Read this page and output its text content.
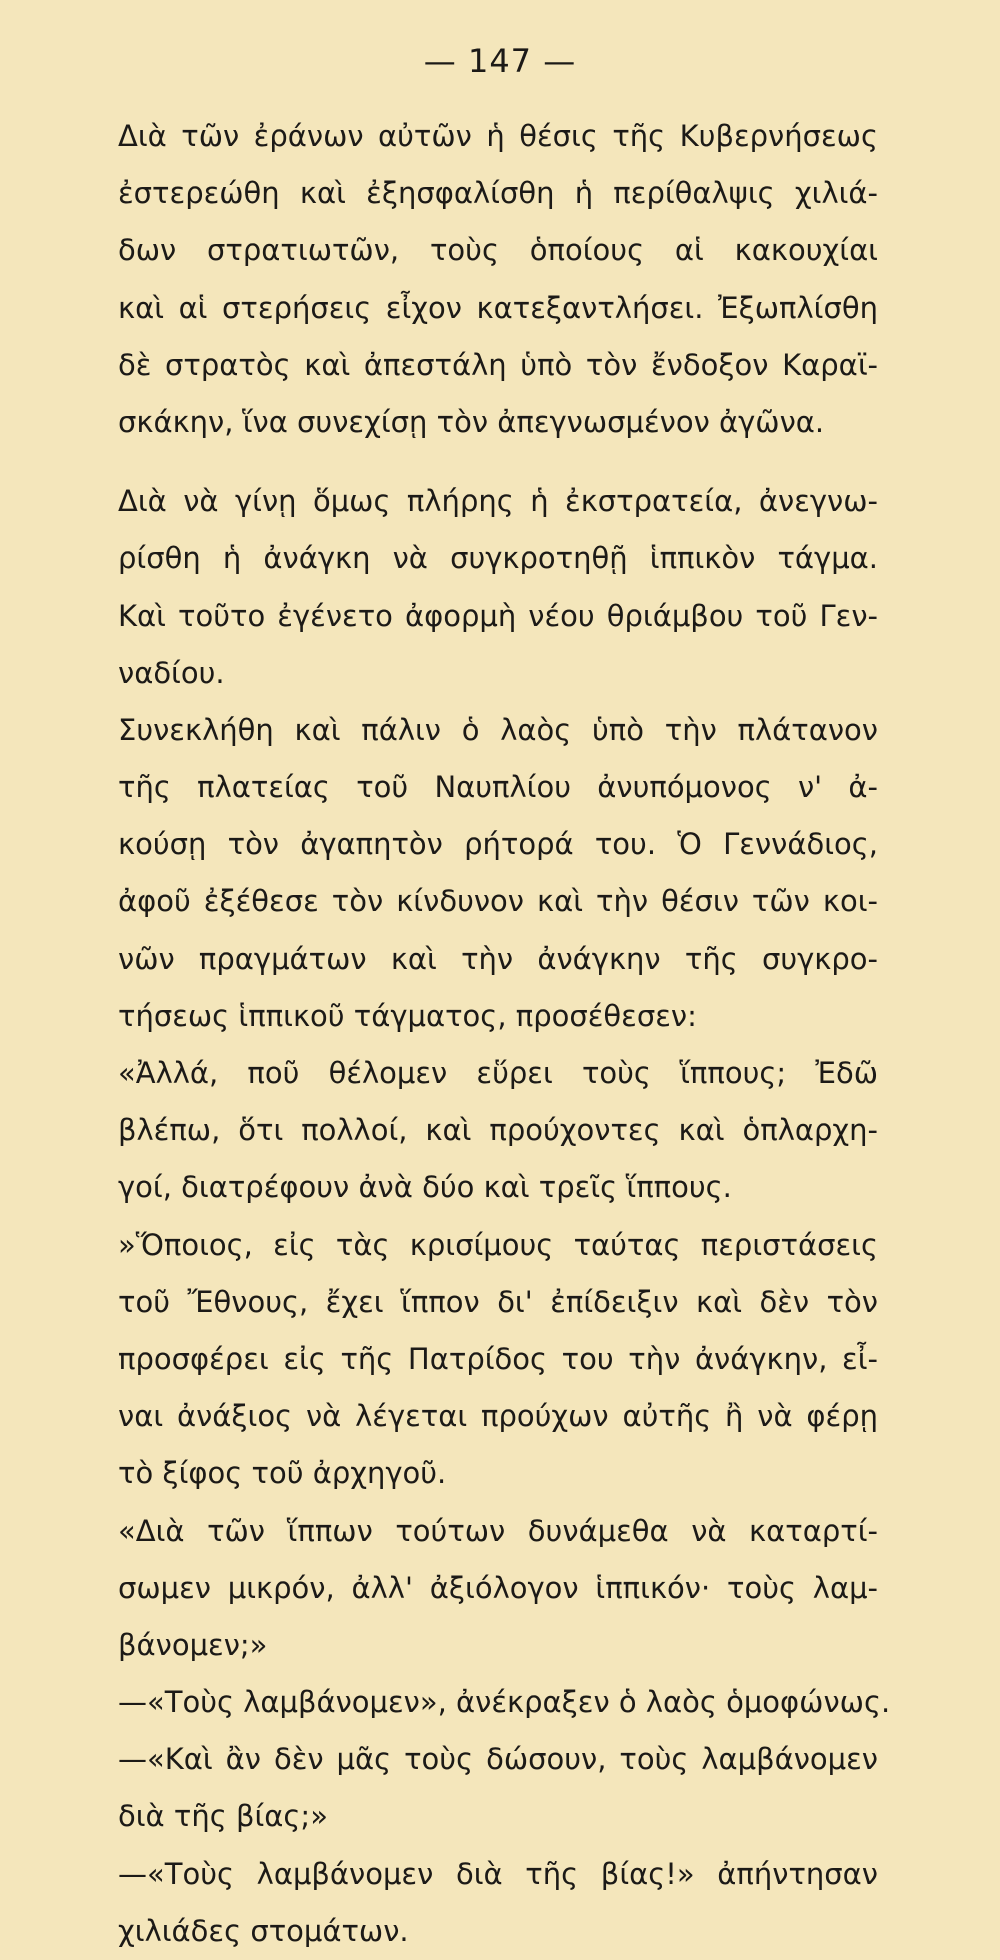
— 147 —
Διὰ τῶν ἐράνων αὐτῶν ἡ θέσις τῆς Κυβερνήσεως
ἐστερεώθη καὶ ἐξησφαλίσθη ἡ περίθαλψις χιλιά-
δων στρατιωτῶν, τοὺς ὁποίους αἱ κακουχίαι
καὶ αἱ στερήσεις εἶχον κατεξαντλήσει. Ἐξωπλίσθη
δὲ στρατὸς καὶ ἀπεστάλη ὑπὸ τὸν ἔνδοξον Καραϊ-
σκάκην, ἵνα συνεχίσῃ τὸν ἀπεγνωσμένον ἀγῶνα.
Διὰ νὰ γίνῃ ὅμως πλήρης ἡ ἐκστρατεία, ἀνεγνω-
ρίσθη ἡ ἀνάγκη νὰ συγκροτηθῇ ἱππικὸν τάγμα.
Καὶ τοῦτο ἐγένετο ἀφορμὴ νέου θριάμβου τοῦ Γεν-
ναδίου.
Συνεκλήθη καὶ πάλιν ὁ λαὸς ὑπὸ τὴν πλάτανον
τῆς πλατείας τοῦ Ναυπλίου ἀνυπόμονος ν' ἀ-
κούσῃ τὸν ἀγαπητὸν ρήτορά του. Ὁ Γεννάδιος,
ἀφοῦ ἐξέθεσε τὸν κίνδυνον καὶ τὴν θέσιν τῶν κοι-
νῶν πραγμάτων καὶ τὴν ἀνάγκην τῆς συγκρο-
τήσεως ἱππικοῦ τάγματος, προσέθεσεν:
«Ἀλλά, ποῦ θέλομεν εὕρει τοὺς ἵππους; Ἐδῶ
βλέπω, ὅτι πολλοί, καὶ προύχοντες καὶ ὁπλαρχη-
γοί, διατρέφουν ἀνὰ δύο καὶ τρεῖς ἵππους.
»Ὅποιος, εἰς τὰς κρισίμους ταύτας περιστάσεις
τοῦ Ἔθνους, ἔχει ἵππον δι' ἐπίδειξιν καὶ δὲν τὸν
προσφέρει εἰς τῆς Πατρίδος του τὴν ἀνάγκην, εἶ-
ναι ἀνάξιος νὰ λέγεται προύχων αὐτῆς ἢ νὰ φέρῃ
τὸ ξίφος τοῦ ἀρχηγοῦ.
«Διὰ τῶν ἵππων τούτων δυνάμεθα νὰ καταρτί-
σωμεν μικρόν, ἀλλ' ἀξιόλογον ἱππικόν· τοὺς λαμ-
βάνομεν;»
—«Τοὺς λαμβάνομεν», ἀνέκραξεν ὁ λαὸς ὁμοφώνως.
—«Καὶ ἂν δὲν μᾶς τοὺς δώσουν, τοὺς λαμβάνομεν
διὰ τῆς βίας;»
—«Τοὺς λαμβάνομεν διὰ τῆς βίας!» ἀπήντησαν
χιλιάδες στομάτων.
